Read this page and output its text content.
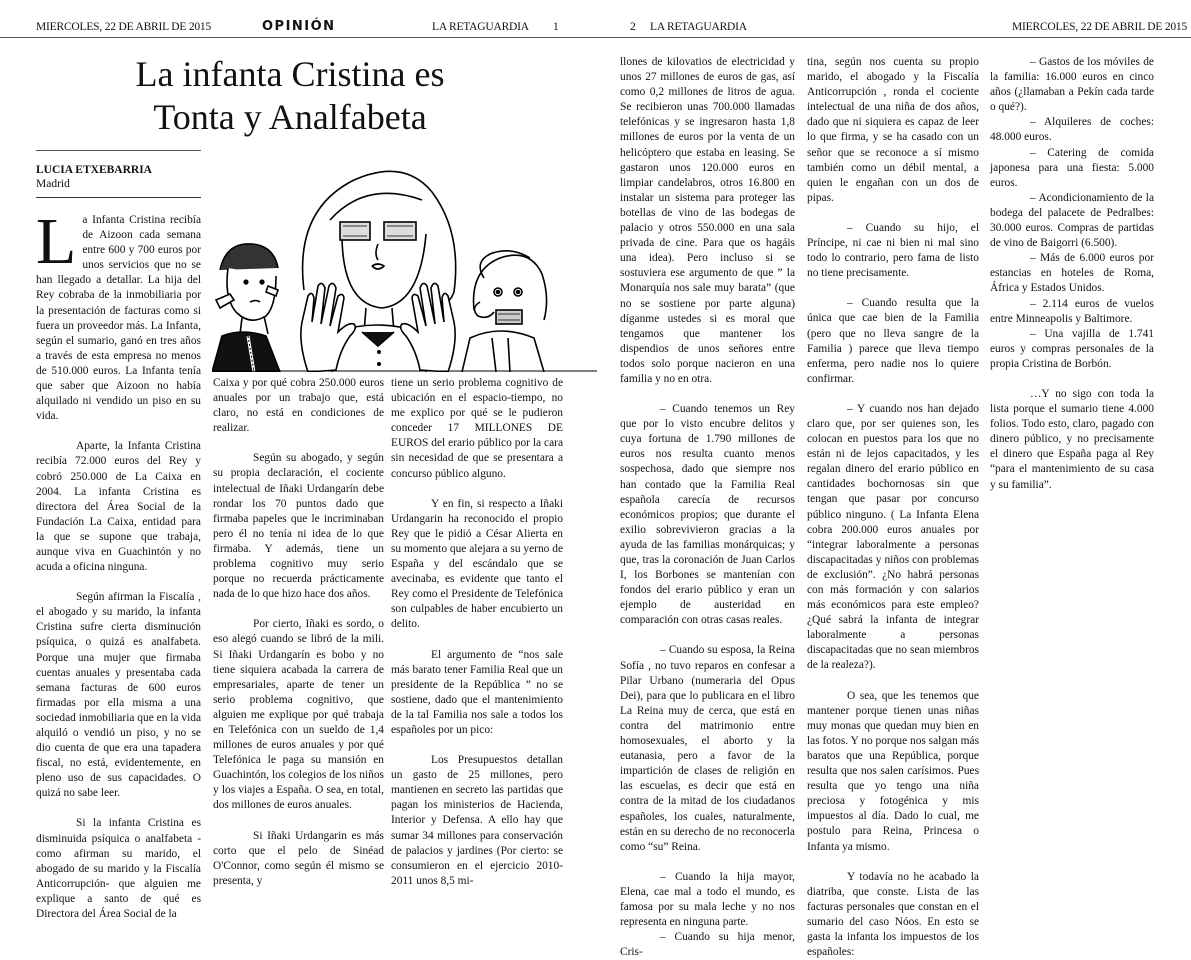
MIERCOLES, 22 DE ABRIL DE 2015	OPINIÓN	LA RETAGUARDIA 1
La infanta Cristina es
Tonta y Analfabeta
LUCIA ETXEBARRIA
Madrid

La Infanta Cristina recibía de Aizoon cada semana entre 600 y 700 euros por unos servicios que no se han llegado a detallar. La hija del Rey cobraba de la inmobiliaria por la presentación de facturas como si fuera un proveedor más. La Infanta, según el sumario, ganó en tres años a través de esta empresa no menos de 510.000 euros. La Infanta tenía que saber que Aizoon no había alquilado ni vendido un piso en su vida.

Aparte, la Infanta Cristina recibía 72.000 euros del Rey y cobró 250.000 de La Caixa en 2004. La infanta Cristina es directora del Área Social de la Fundación La Caixa, entidad para la que se supone que trabaja, aunque viva en Guachintón y no acuda a oficina ninguna.

Según afirman la Fiscalía , el abogado y su marido, la infanta Cristina sufre cierta disminución psíquica, o quizá es analfabeta. Porque una mujer que firmaba cuentas anuales y presentaba cada semana facturas de 600 euros firmadas por ella misma a una sociedad inmobiliaria que en la vida alquiló o vendió un piso, y no se dio cuenta de que era una tapadera fiscal, no está, evidentemente, en pleno uso de sus capacidades. O quizá no sabe leer.

Si la infanta Cristina es disminuida psíquica o analfabeta -como afirman su marido, el abogado de su marido y la Fiscalía Anticorrupción- que alguien me explique a santo de qué es Directora del Área Social de la

Caixa y por qué cobra 250.000 euros anuales por un trabajo que, está claro, no está en condiciones de realizar.

Según su abogado, y según su propia declaración, el cociente intelectual de Iñaki Urdangarín debe rondar los 70 puntos dado que firmaba papeles que le incriminaban pero él no tenía ni idea de lo que firmaba. Y además, tiene un problema cognitivo muy serio porque no recuerda prácticamente nada de lo que hizo hace dos años.

Por cierto, Iñaki es sordo, o eso alegó cuando se libró de la mili. Si Iñaki Urdangarín es bobo y no tiene siquiera acabada la carrera de empresariales, aparte de tener un serio problema cognitivo, que alguien me explique por qué trabaja en Telefónica con un sueldo de 1,4 millones de euros anuales y por qué Telefónica le paga su mansión en Guachintón, los colegios de los niños y los viajes a España. O sea, en total, dos millones de euros anuales.

Si Iñaki Urdangarin es más corto que el pelo de Sinéad O'Connor, como según él mismo se presenta, y

tiene un serio problema cognitivo de ubicación en el espacio-tiempo, no me explico por qué se le pudieron conceder 17 MILLONES DE EUROS del erario público por la cara sin necesidad de que se presentara a concurso público alguno.

Y en fin, si respecto a Iñaki Urdangarin ha reconocido el propio Rey que le pidió a César Alierta en su momento que alejara a su yerno de España y del escándalo que se avecinaba, es evidente que tanto el Rey como el Presidente de Telefónica son culpables de haber encubierto un delito.

El argumento de “nos sale más barato tener Familia Real que un presidente de la República ” no se sostiene, dado que el mantenimiento de la tal Familia nos sale a todos los españoles por un pico:

Los Presupuestos detallan un gasto de 25 millones, pero mantienen en secreto las partidas que pagan los ministerios de Hacienda, Interior y Defensa. A ello hay que sumar 34 millones para conservación de palacios y jardines (Por cierto: se consumieron en el ejercicio 2010-2011 unos 8,5 mi-

2 LA RETAGUARDIA	MIERCOLES, 22 DE ABRIL DE 2015

llones de kilovatios de electricidad y unos 27 millones de euros de gas, así como 0,2 millones de litros de agua. Se recibieron unas 700.000 llamadas telefónicas y se ingresaron hasta 1,8 millones de euros por la venta de un helicóptero que estaba en leasing. Se gastaron unos 120.000 euros en limpiar candelabros, otros 16.800 en instalar un sistema para proteger las botellas de vino de las bodegas de palacio y otros 550.000 en una sala privada de cine. Para que os hagáis una idea). Pero incluso si se sostuviera ese argumento de que ” la Monarquía nos sale muy barata” (que no se sostiene por parte alguna) díganme ustedes si es moral que tengamos que mantener los dispendios de unos señores entre todos solo porque nacieron en una familia y no en otra.

– Cuando tenemos un Rey que por lo visto encubre delitos y cuya fortuna de 1.790 millones de euros nos resulta cuanto menos sospechosa, dado que siempre nos han contado que la Familia Real española carecía de recursos económicos propios; que durante el exilio sobrevivieron gracias a la ayuda de las familias monárquicas; y que, tras la coronación de Juan Carlos I, los Borbones se mantenían con fondos del erario público y eran un ejemplo de austeridad en comparación con otras casas reales.

– Cuando su esposa, la Reina Sofía , no tuvo reparos en confesar a Pilar Urbano (numeraria del Opus Dei), para que lo publicara en el libro La Reina muy de cerca, que está en contra del matrimonio entre homosexuales, el aborto y la eutanasia, pero a favor de la impartición de clases de religión en las escuelas, es decir que está en contra de la mitad de los ciudadanos españoles, los cuales, naturalmente, están en su derecho de no reconocerla como “su” Reina.

– Cuando la hija mayor, Elena, cae mal a todo el mundo, es famosa por su mala leche y no nos representa en ninguna parte.

– Cuando su hija menor, Cris-

tina, según nos cuenta su propio marido, el abogado y la Fiscalía Anticorrupción , ronda el cociente intelectual de una niña de dos años, dado que ni siquiera es capaz de leer lo que firma, y se ha casado con un señor que se reconoce a sí mismo también como un débil mental, a quien le engañan con un dos de pipas.

– Cuando su hijo, el Príncipe, ni cae ni bien ni mal sino todo lo contrario, pero fama de listo no tiene precisamente.

– Cuando resulta que la única que cae bien de la Familia (pero que no lleva sangre de la Familia ) parece que lleva tiempo enferma, pero nadie nos lo quiere confirmar.

– Y cuando nos han dejado claro que, por ser quienes son, les colocan en puestos para los que no están ni de lejos capacitados, y les regalan dinero del erario público en cantidades bochornosas sin que tengan que pasar por concurso público ninguno. ( La Infanta Elena cobra 200.000 euros anuales por “integrar laboralmente a personas discapacitadas y niños con problemas de exclusión”. ¿No habrá personas con más formación y con salarios más económicos para este empleo? ¿Qué sabrá la infanta de integrar laboralmente a personas discapacitadas que no sean miembros de la realeza?).

O sea, que les tenemos que mantener porque tienen unas niñas muy monas que quedan muy bien en las fotos. Y no porque nos salgan más baratos que una República, porque resulta que nos salen carísimos. Pues resulta que yo tengo una niña preciosa y fotogénica y mis impuestos al día. Dado lo cual, me postulo para Reina, Princesa o Infanta ya mismo.

Y todavía no he acabado la diatriba, que conste. Lista de las facturas personales que constan en el sumario del caso Nóos. En esto se gasta la infanta los impuestos de los españoles:

– Gastos de los móviles de la familia: 16.000 euros en cinco años (¿llamaban a Pekín cada tarde o qué?).

– Alquileres de coches: 48.000 euros.

– Catering de comida japonesa para una fiesta: 5.000 euros.

– Acondicionamiento de la bodega del palacete de Pedralbes: 30.000 euros. Compras de partidas de vino de Baigorri (6.500).

– Más de 6.000 euros por estancias en hoteles de Roma, África y Estados Unidos.

– 2.114 euros de vuelos entre Minneapolis y Baltimore.

– Una vajilla de 1.741 euros y compras personales de la propia Cristina de Borbón.

…Y no sigo con toda la lista porque el sumario tiene 4.000 folios. Todo esto, claro, pagado con dinero público, y no precisamente el dinero que España paga al Rey “para el mantenimiento de su casa y su familia”.
